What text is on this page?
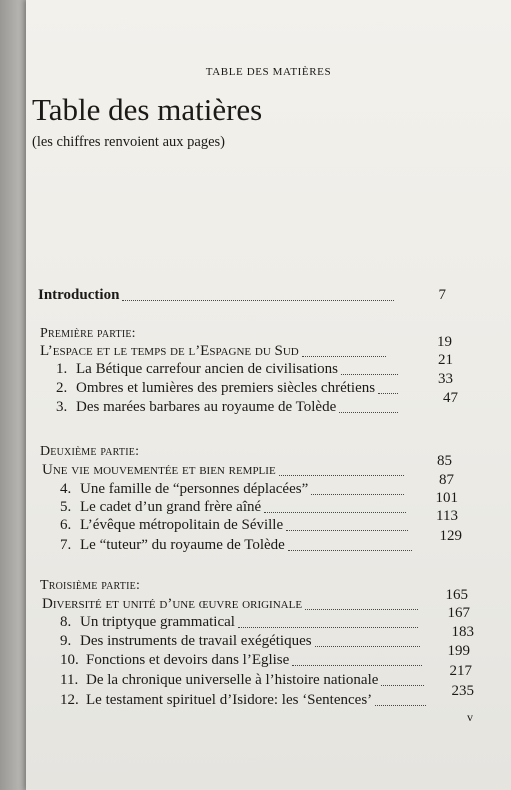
TABLE DES MATIÈRES
Table des matières
(les chiffres renvoient aux pages)
Introduction	7
Première partie:
L’espace et le temps de l’Espagne du Sud
19
1. La Bétique carrefour ancien de civilisations
21
2. Ombres et lumières des premiers siècles chrétiens
33
3. Des marées barbares au royaume de Tolède
47
Deuxième partie:
Une vie mouvementée et bien remplie
85
4. Une famille de “personnes déplacées”
87
5. Le cadet d’un grand frère aîné
101
6. L’évêque métropolitain de Séville
113
7. Le “tuteur” du royaume de Tolède
129
Troisième partie:
Diversité et unité d’une œuvre originale
165
8. Un triptyque grammatical
167
9. Des instruments de travail exégétiques
183
10. Fonctions et devoirs dans l’Eglise
199
11. De la chronique universelle à l’histoire nationale
217
12. Le testament spirituel d’Isidore: les ‘Sentences’
235
v
